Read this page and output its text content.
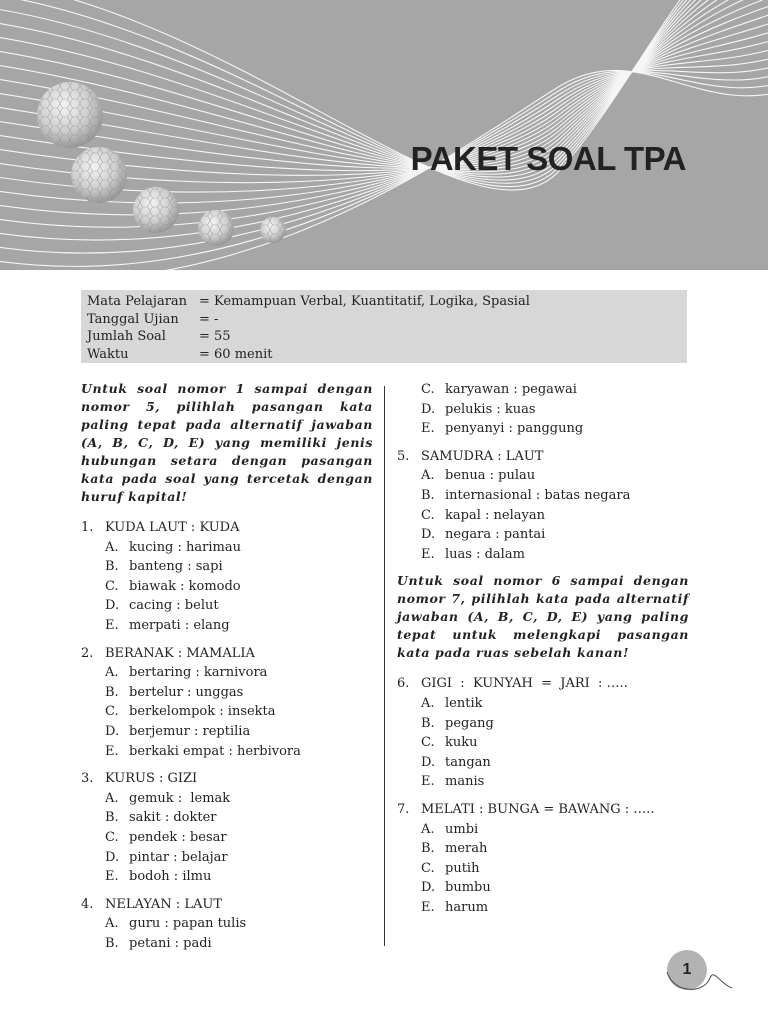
PAKET SOAL TPA
Mata Pelajaran = Kemampuan Verbal, Kuantitatif, Logika, Spasial
Tanggal Ujian	= -
Jumlah Soal	= 55
Waktu	= 60 menit

Untuk soal nomor 1 sampai dengan nomor 5, pilihlah pasangan kata paling tepat pada alternatif jawaban (A, B, C, D, E) yang memiliki jenis hubungan setara dengan pasangan kata pada soal yang tercetak dengan huruf kapital!

1. KUDA LAUT : KUDA
A. kucing : harimau
B. banteng : sapi
C. biawak : komodo
D. cacing : belut
E. merpati : elang
2. BERANAK : MAMALIA
A. bertaring : karnivora
B. bertelur : unggas
C. berkelompok : insekta
D. berjemur : reptilia
E. berkaki empat : herbivora
3. KURUS : GIZI
A. gemuk :  lemak
B. sakit : dokter
C. pendek : besar
D. pintar : belajar
E. bodoh : ilmu
4. NELAYAN : LAUT
A. guru : papan tulis
B. petani : padi
C. karyawan : pegawai
D. pelukis : kuas
E. penyanyi : panggung
5. SAMUDRA : LAUT
A. benua : pulau
B. internasional : batas negara
C. kapal : nelayan
D. negara : pantai
E. luas : dalam

Untuk soal nomor 6 sampai dengan nomor 7, pilihlah kata pada alternatif jawaban (A, B, C, D, E) yang paling tepat untuk melengkapi pasangan kata pada ruas sebelah kanan!

6. GIGI  :  KUNYAH  =  JARI  : …..
A. lentik
B. pegang
C. kuku
D. tangan
E. manis
7. MELATI : BUNGA = BAWANG : …..
A. umbi
B. merah
C. putih
D. bumbu
E. harum
1
